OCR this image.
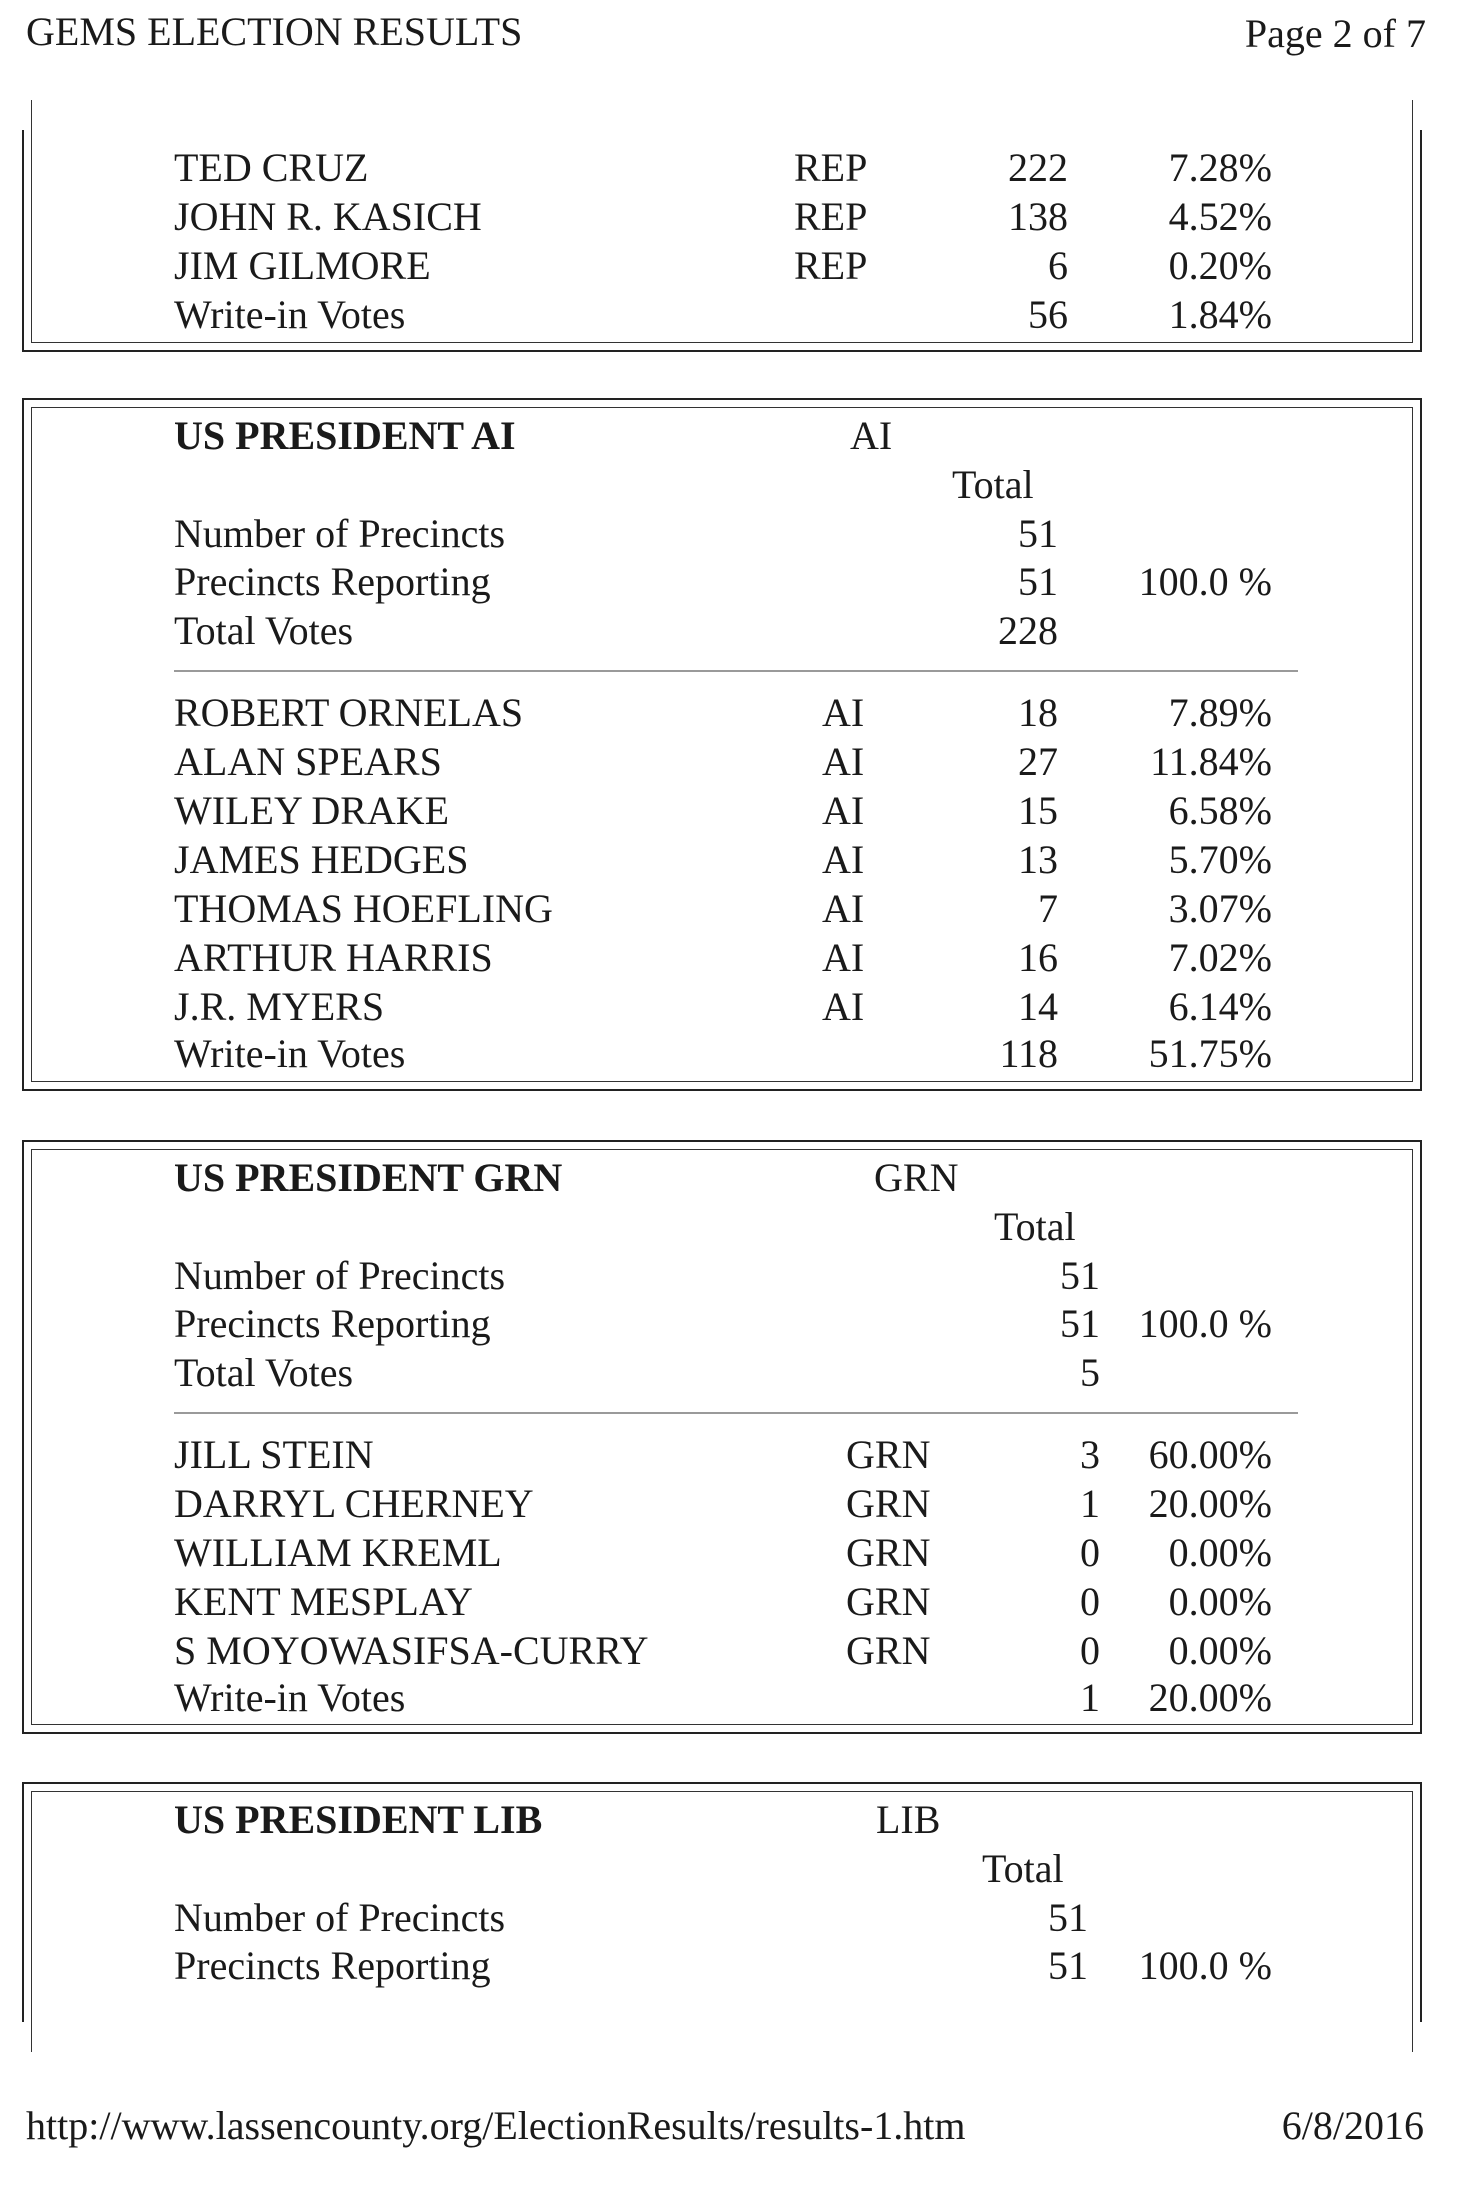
GEMS ELECTION RESULTS	Page 2 of 7
TED CRUZ	REP	222	7.28%
JOHN R. KASICH	REP	138	4.52%
JIM GILMORE	REP	6	0.20%
Write-in Votes	56	1.84%
US PRESIDENT AI	AI
Total
Number of Precincts	51
Precincts Reporting	51 100.0 %
Total Votes	228
ROBERT ORNELAS	AI	18	7.89%
ALAN SPEARS	AI	27 11.84%
WILEY DRAKE	AI	15	6.58%
JAMES HEDGES	AI	13	5.70%
THOMAS HOEFLING	AI	7	3.07%
ARTHUR HARRIS	AI	16	7.02%
J.R. MYERS	AI	14	6.14%
Write-in Votes	118 51.75%
US PRESIDENT GRN	GRN
Total
Number of Precincts	51
Precincts Reporting	51 100.0 %
Total Votes	5
JILL STEIN	GRN	3 60.00%
DARRYL CHERNEY	GRN	1 20.00%
WILLIAM KREML	GRN	0 0.00%
KENT MESPLAY	GRN	0 0.00%
S MOYOWASIFSA-CURRY	GRN	0 0.00%
Write-in Votes	1 20.00%
US PRESIDENT LIB	LIB
Total
Number of Precincts	51
Precincts Reporting	51 100.0 %
http://www.lassencounty.org/ElectionResults/results-1.htm	6/8/2016
